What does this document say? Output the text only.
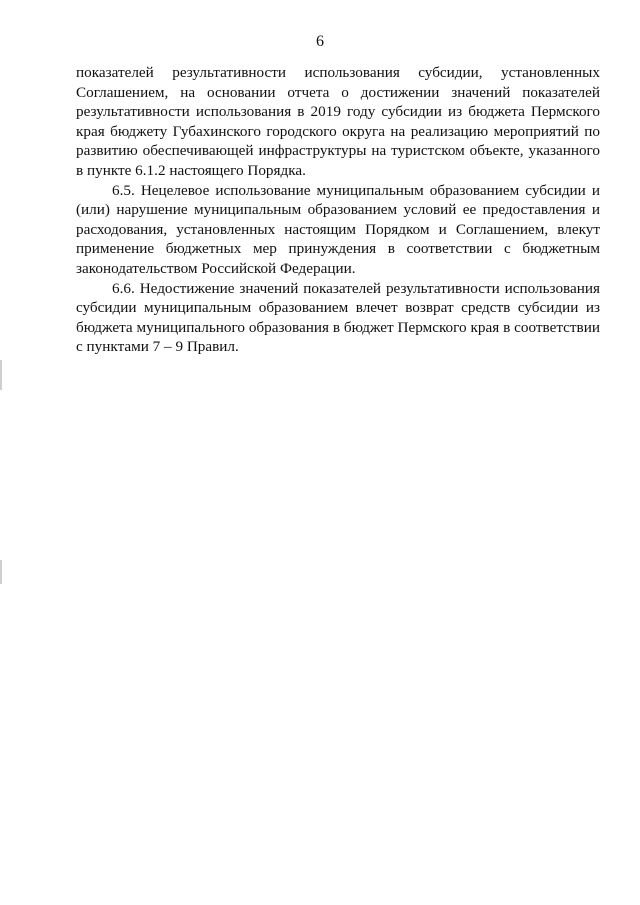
6

показателей результативности использования субсидии, установленных Соглашением, на основании отчета о достижении значений показателей результативности использования в 2019 году субсидии из бюджета Пермского края бюджету Губахинского городского округа на реализацию мероприятий по развитию обеспечивающей инфраструктуры на туристском объекте, указанного в пункте 6.1.2 настоящего Порядка.

6.5. Нецелевое использование муниципальным образованием субсидии и (или) нарушение муниципальным образованием условий ее предоставления и расходования, установленных настоящим Порядком и Соглашением, влекут применение бюджетных мер принуждения в соответствии с бюджетным законодательством Российской Федерации.

6.6. Недостижение значений показателей результативности использования субсидии муниципальным образованием влечет возврат средств субсидии из бюджета муниципального образования в бюджет Пермского края в соответствии с пунктами 7 – 9 Правил.
